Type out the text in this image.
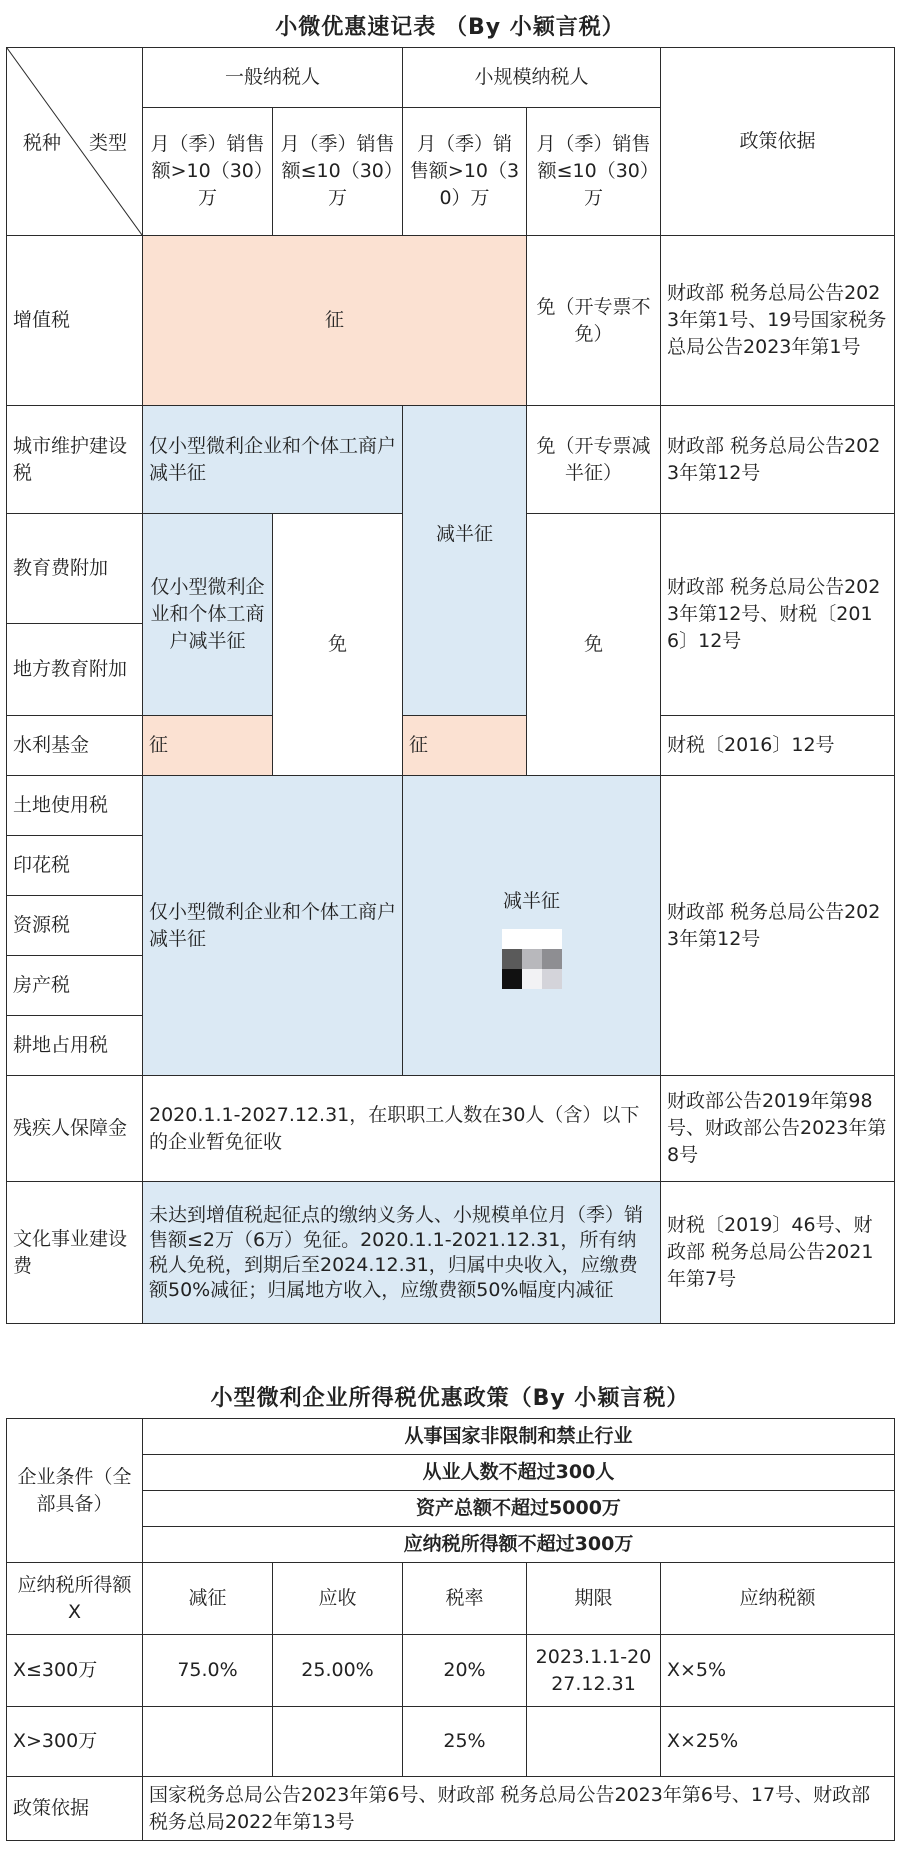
小微优惠速记表 （By 小颖言税）
税种 类型	一般纳税人		小规模纳税人		政策依据
	月（季）销售额>10（30）万	月（季）销售额≤10（30）万	月（季）销售额>10（30）万	月（季）销售额≤10（30）万	
增值税	征			免（开专票不免）	财政部 税务总局公告2023年第1号、19号国家税务总局公告2023年第1号
城市维护建设税	仅小型微利企业和个体工商户减半征		减半征	免（开专票减半征）	财政部 税务总局公告2023年第12号
教育费附加	仅小型微利企业和个体工商户减半征	免		免	财政部 税务总局公告2023年第12号、财税〔2016〕12号
地方教育附加					
水利基金	征		征		财税〔2016〕12号
土地使用税	仅小型微利企业和个体工商户减半征		减半征		财政部 税务总局公告2023年第12号
印花税					
资源税					
房产税					
耕地占用税					
残疾人保障金	2020.1.1-2027.12.31，在职职工人数在30人（含）以下的企业暂免征收				财政部公告2019年第98号、财政部公告2023年第8号
文化事业建设费	未达到增值税起征点的缴纳义务人、小规模单位月（季）销售额≤2万（6万）免征。2020.1.1-2021.12.31，所有纳税人免税，到期后至2024.12.31，归属中央收入，应缴费额50%减征；归属地方收入，应缴费额50%幅度内减征				财税〔2019〕46号、财政部 税务总局公告2021年第7号
小型微利企业所得税优惠政策（By 小颖言税）
企业条件（全部具备）	从事国家非限制和禁止行业				
	从业人数不超过300人				
	资产总额不超过5000万				
	应纳税所得额不超过300万				
应纳税所得额X	减征	应收	税率	期限	应纳税额
X≤300万	75.0%	25.00%	20%	2023.1.1-2027.12.31	X×5%
X>300万			25%		X×25%
政策依据	国家税务总局公告2023年第6号、财政部 税务总局公告2023年第6号、17号、财政部 税务总局2022年第13号				
